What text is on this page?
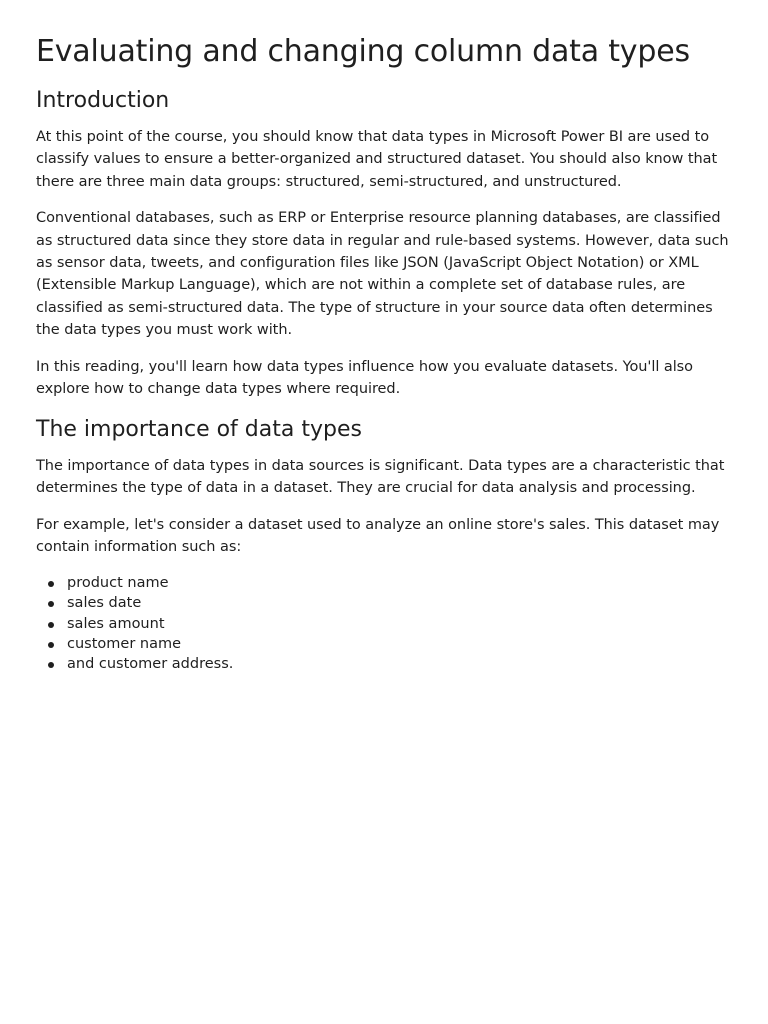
Evaluating and changing column data types
Introduction

At this point of the course, you should know that data types in Microsoft Power BI are used to classify values to ensure a better-organized and structured dataset. You should also know that there are three main data groups: structured, semi-structured, and unstructured.

Conventional databases, such as ERP or Enterprise resource planning databases, are classified as structured data since they store data in regular and rule-based systems. However, data such as sensor data, tweets, and configuration files like JSON (JavaScript Object Notation) or XML (Extensible Markup Language), which are not within a complete set of database rules, are classified as semi-structured data. The type of structure in your source data often determines the data types you must work with.

In this reading, you'll learn how data types influence how you evaluate datasets. You'll also explore how to change data types where required.

The importance of data types

The importance of data types in data sources is significant. Data types are a characteristic that determines the type of data in a dataset. They are crucial for data analysis and processing.

For example, let's consider a dataset used to analyze an online store's sales. This dataset may contain information such as:

product name
sales date
sales amount
customer name
and customer address.
